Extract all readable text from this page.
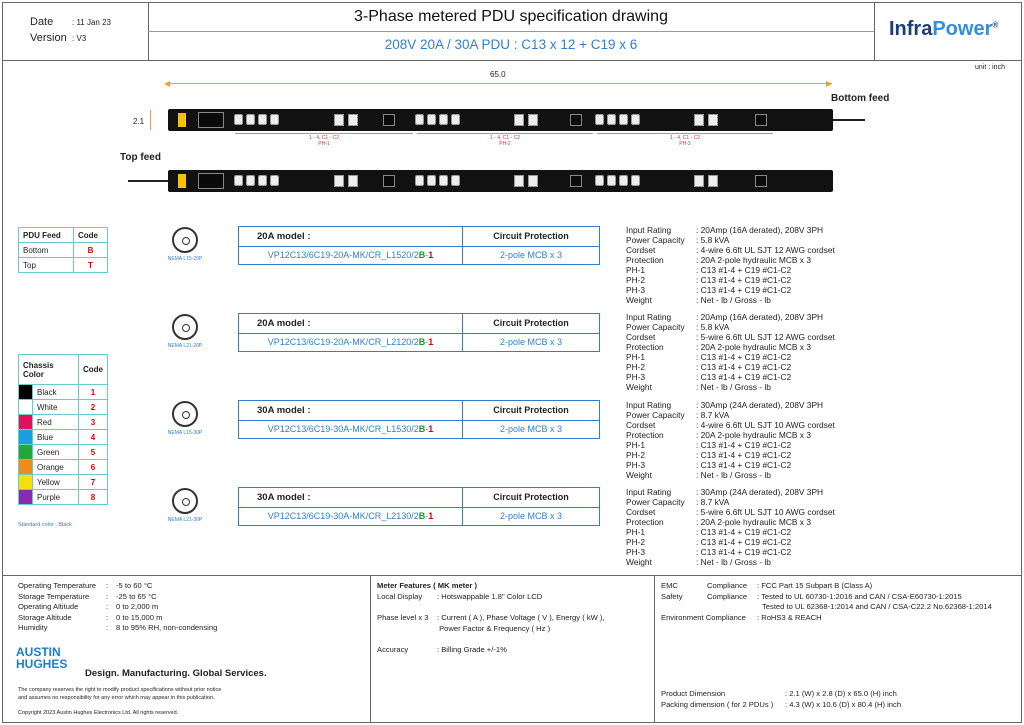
Date : 11 Jan 23
Version : V3
3-Phase metered PDU specification drawing
208V 20A / 30A PDU : C13 x 12 + C19 x 6
InfraPower®
unit : inch
◀	▶
65.0
2.1
Bottom feed
Top feed
1 - 4, C1 - C2
PH-1
1 - 4, C1 - C2
PH-2
1 - 4, C1 - C2
PH-3
PDU Feed	Code
Bottom	B
Top	T
Chassis Color		Code
	Black	1
	White	2
	Red	3
	Blue	4
	Green	5
	Orange	6
	Yellow	7
	Purple	8
Standard color : Black
NEMA L15-20P
20A model :	Circuit Protection
VP12C13/6C19-20A-MK/CR_L1520/2B-1	2-pole MCB x 3
Input Rating	: 20Amp (16A derated), 208V 3PH
Power Capacity : 5.8 kVA
Cordset	: 4-wire 6.6ft UL SJT 12 AWG cordset
Protection	: 20A 2-pole hydraulic MCB x 3
PH-1	: C13 #1-4 + C19 #C1-C2
PH-2	: C13 #1-4 + C19 #C1-C2
PH-3	: C13 #1-4 + C19 #C1-C2
Weight	: Net - lb / Gross - lb
NEMA L21-20P
20A model :	Circuit Protection
VP12C13/6C19-20A-MK/CR_L2120/2B-1	2-pole MCB x 3
Input Rating	: 20Amp (16A derated), 208V 3PH
Power Capacity : 5.8 kVA
Cordset	: 5-wire 6.6ft UL SJT 12 AWG cordset
Protection	: 20A 2-pole hydraulic MCB x 3
PH-1	: C13 #1-4 + C19 #C1-C2
PH-2	: C13 #1-4 + C19 #C1-C2
PH-3	: C13 #1-4 + C19 #C1-C2
Weight	: Net - lb / Gross - lb
NEMA L15-30P
30A model :	Circuit Protection
VP12C13/6C19-30A-MK/CR_L1530/2B-1	2-pole MCB x 3
Input Rating	: 30Amp (24A derated), 208V 3PH
Power Capacity : 8.7 kVA
Cordset	: 4-wire 6.6ft UL SJT 10 AWG cordset
Protection	: 20A 2-pole hydraulic MCB x 3
PH-1	: C13 #1-4 + C19 #C1-C2
PH-2	: C13 #1-4 + C19 #C1-C2
PH-3	: C13 #1-4 + C19 #C1-C2
Weight	: Net - lb / Gross - lb
NEMA L21-30P
30A model :	Circuit Protection
VP12C13/6C19-30A-MK/CR_L2130/2B-1	2-pole MCB x 3
Input Rating	: 30Amp (24A derated), 208V 3PH
Power Capacity : 8.7 kVA
Cordset	: 5-wire 6.6ft UL SJT 10 AWG cordset
Protection	: 20A 2-pole hydraulic MCB x 3
PH-1	: C13 #1-4 + C19 #C1-C2
PH-2	: C13 #1-4 + C19 #C1-C2
PH-3	: C13 #1-4 + C19 #C1-C2
Weight	: Net - lb / Gross - lb
Operating Temperature : -5 to 60 °C
Storage Temperature : -25 to 65 °C
Operating Altitude	: 0 to 2,000 m
Storage Altitude	: 0 to 15,000 m
Humidity	: 8 to 95% RH, non-condensing
AUSTIN
HUGHES
Design. Manufacturing. Global Services.
The company reserves the right to modify product specifications without prior notice
and assumes no responsibility for any error which may appear in this publication.
Copyright 2023 Austin Hughes Electronics Ltd. All rights reserved.
Meter Features ( MK meter )
Local Display : Hotswappable 1.8" Color LCD
Phase level x 3 : Current ( A ), Phase Voltage ( V ), Energy ( kW ),
Power Factor & Frequency ( Hz )
Accuracy	: Billing Grade +/-1%
EMC	Compliance : FCC Part 15 Subpart B (Class A)
Safety	Compliance : Tested to UL 60730-1:2016 and CAN / CSA-E60730-1:2015
Tested to UL 62368-1:2014 and CAN / CSA-C22.2 No.62368-1:2014
Environment Compliance : RoHS3 & REACH
Product Dimension	: 2.1 (W) x 2.8 (D) x 65.0 (H) inch
Packing dimension ( for 2 PDUs ) : 4.3 (W) x 10.6 (D) x 80.4 (H) inch
